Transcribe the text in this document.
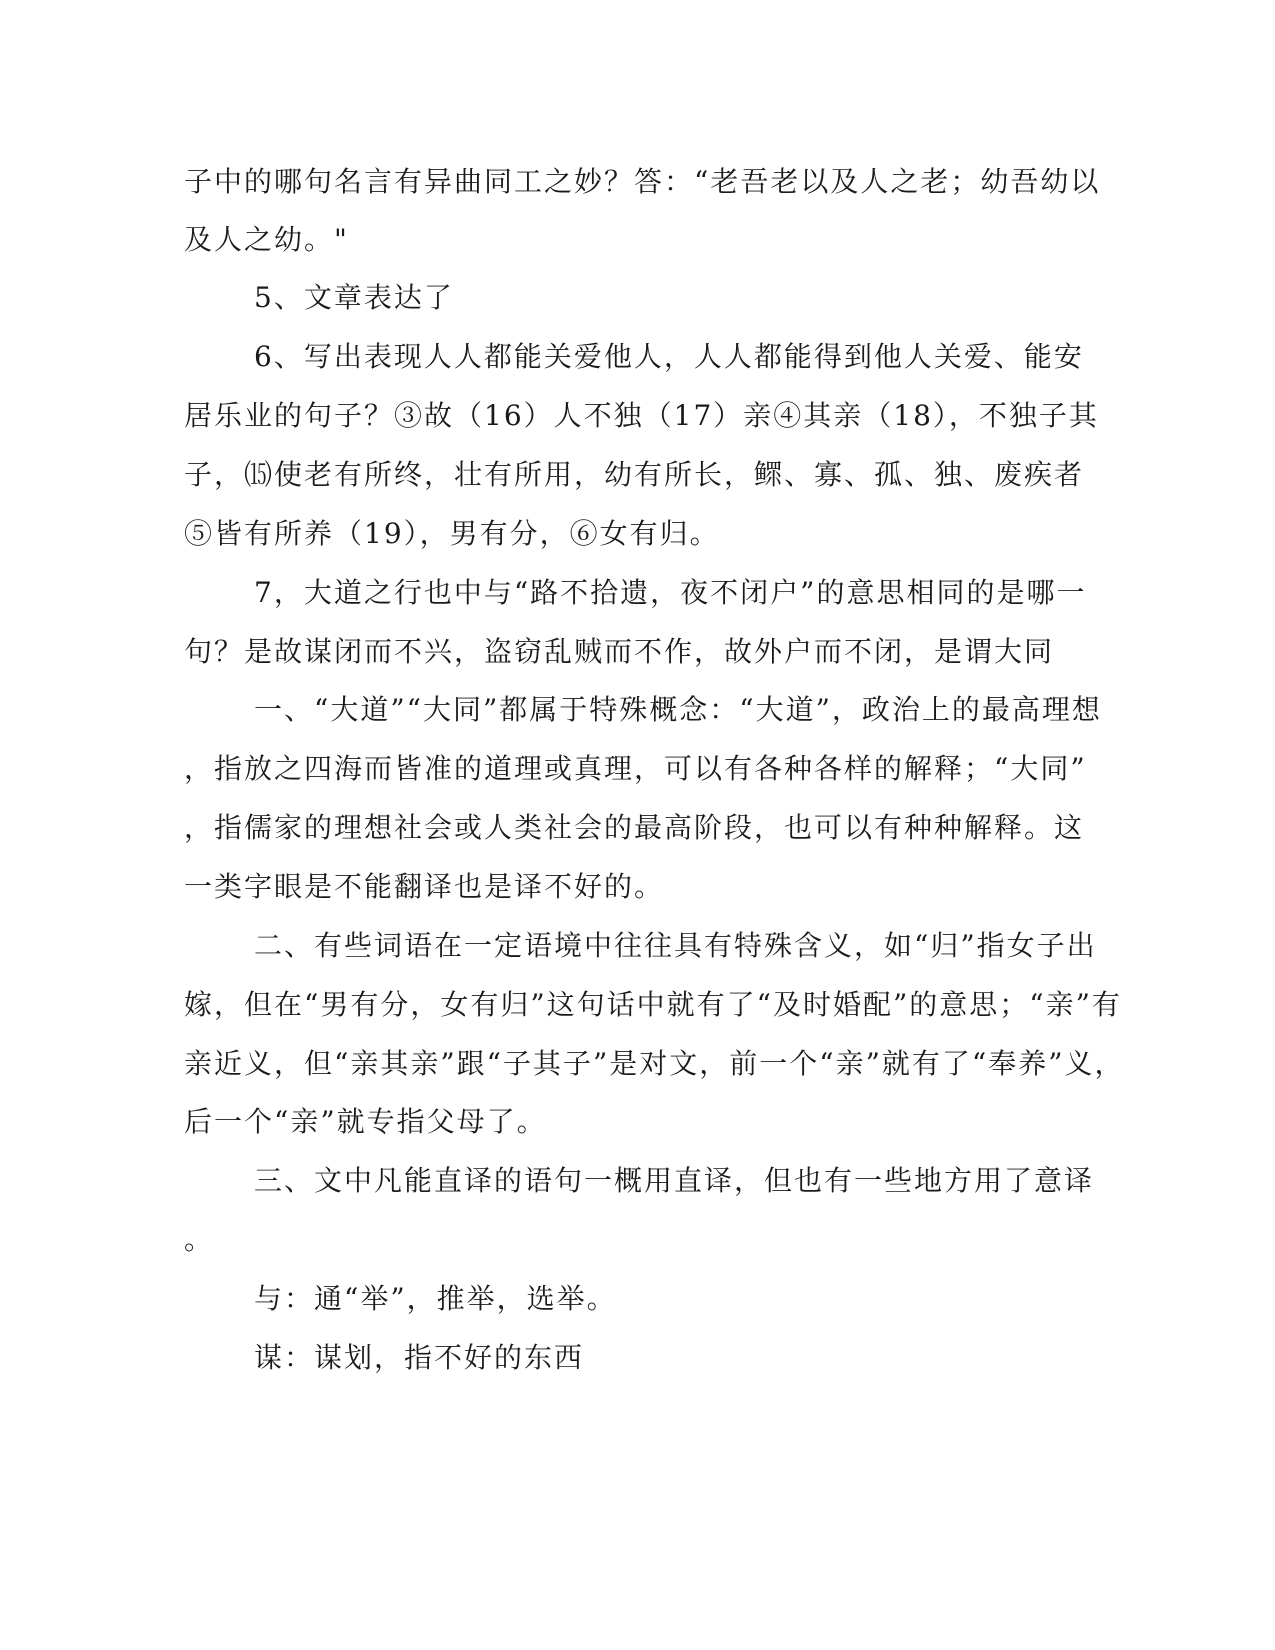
子中的哪句名言有异曲同工之妙？答：“老吾老以及人之老；幼吾幼以

及人之幼。"

5、文章表达了

6、写出表现人人都能关爱他人，人人都能得到他人关爱、能安

居乐业的句子？③故（16）人不独（17）亲④其亲（18），不独子其

子，⒂使老有所终，壮有所用，幼有所长，鳏、寡、孤、独、废疾者

⑤皆有所养（19），男有分，⑥女有归。

7，大道之行也中与“路不拾遗，夜不闭户”的意思相同的是哪一

句？是故谋闭而不兴，盗窃乱贼而不作，故外户而不闭，是谓大同

一、“大道”“大同”都属于特殊概念：“大道”，政治上的最高理想

，指放之四海而皆准的道理或真理，可以有各种各样的解释；“大同”

，指儒家的理想社会或人类社会的最高阶段，也可以有种种解释。这

一类字眼是不能翻译也是译不好的。

二、有些词语在一定语境中往往具有特殊含义，如“归”指女子出

嫁，但在“男有分，女有归”这句话中就有了“及时婚配”的意思；“亲”有

亲近义，但“亲其亲”跟“子其子”是对文，前一个“亲”就有了“奉养”义，

后一个“亲”就专指父母了。

三、文中凡能直译的语句一概用直译，但也有一些地方用了意译

。

与：通“举”，推举，选举。

谋：谋划，指不好的东西
